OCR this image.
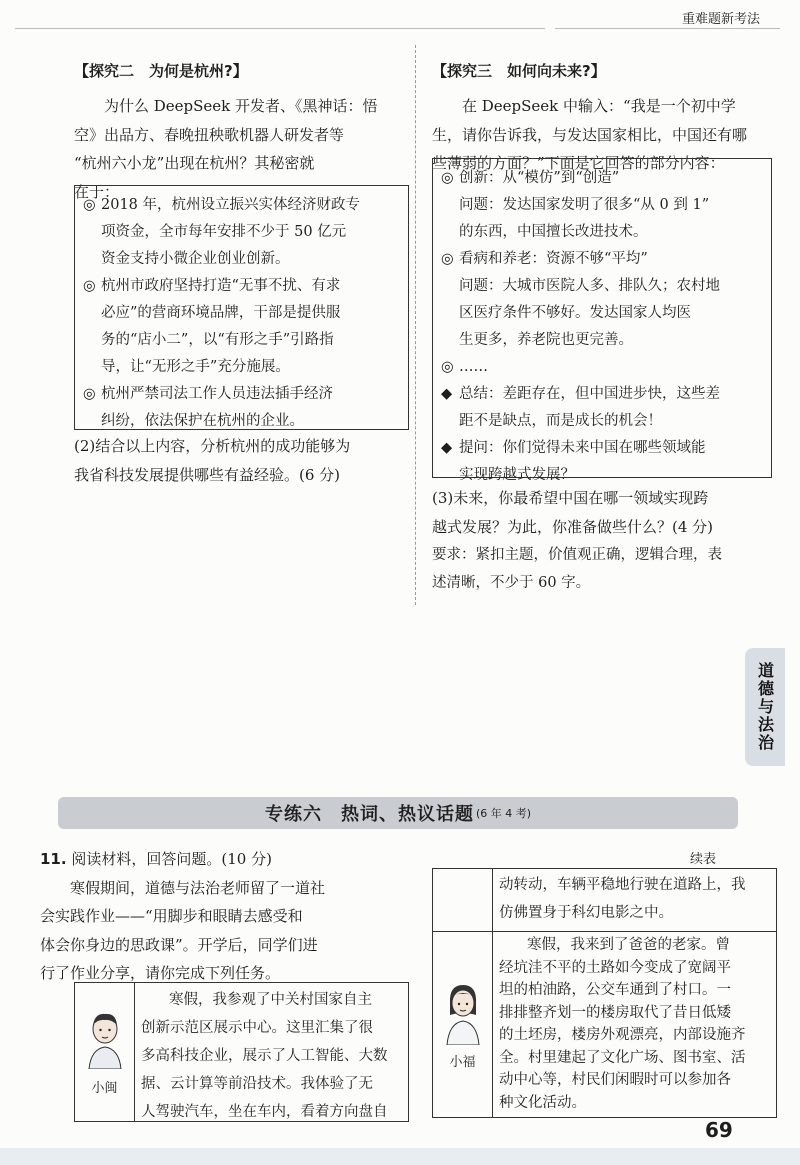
重难题新考法
【探究二　为何是杭州?】

为什么 DeepSeek 开发者、《黑神话：悟

空》出品方、春晚扭秧歌机器人研发者等

“杭州六小龙”出现在杭州？其秘密就

在于：

◎ 2018 年，杭州设立振兴实体经济财政专

项资金，全市每年安排不少于 50 亿元

资金支持小微企业创业创新。

◎ 杭州市政府坚持打造“无事不扰、有求

必应”的营商环境品牌，干部是提供服

务的“店小二”，以“有形之手”引路指

导，让“无形之手”充分施展。

◎ 杭州严禁司法工作人员违法插手经济

纠纷，依法保护在杭州的企业。

(2)结合以上内容，分析杭州的成功能够为

我省科技发展提供哪些有益经验。(6 分)

【探究三　如何向未来?】

在 DeepSeek 中输入：“我是一个初中学

生，请你告诉我，与发达国家相比，中国还有哪

些薄弱的方面？”下面是它回答的部分内容：

◎ 创新：从“模仿”到“创造”

问题：发达国家发明了很多“从 0 到 1”

的东西，中国擅长改进技术。

◎ 看病和养老：资源不够“平均”

问题：大城市医院人多、排队久；农村地

区医疗条件不够好。发达国家人均医

生更多，养老院也更完善。

◎ ……

◆ 总结：差距存在，但中国进步快，这些差

距不是缺点，而是成长的机会！

◆ 提问：你们觉得未来中国在哪些领域能

实现跨越式发展？

(3)未来，你最希望中国在哪一领域实现跨

越式发展？为此，你准备做些什么？(4 分)

要求：紧扣主题，价值观正确，逻辑合理，表

述清晰，不少于 60 字。

道德与法治
专练六　热词、热议话题 (6 年 4 考)

11. 阅读材料，回答问题。(10 分)

寒假期间，道德与法治老师留了一道社

会实践作业——“用脚步和眼睛去感受和

体会你身边的思政课”。开学后，同学们进

行了作业分享，请你完成下列任务。

小闽

寒假，我参观了中关村国家自主

创新示范区展示中心。这里汇集了很

多高科技企业，展示了人工智能、大数

据、云计算等前沿技术。我体验了无

人驾驶汽车，坐在车内，看着方向盘自

续表

动转动，车辆平稳地行驶在道路上，我

仿佛置身于科幻电影之中。

小福

寒假，我来到了爸爸的老家。曾

经坑洼不平的土路如今变成了宽阔平

坦的柏油路，公交车通到了村口。一

排排整齐划一的楼房取代了昔日低矮

的土坯房，楼房外观漂亮，内部设施齐

全。村里建起了文化广场、图书室、活

动中心等，村民们闲暇时可以参加各

种文化活动。

69
